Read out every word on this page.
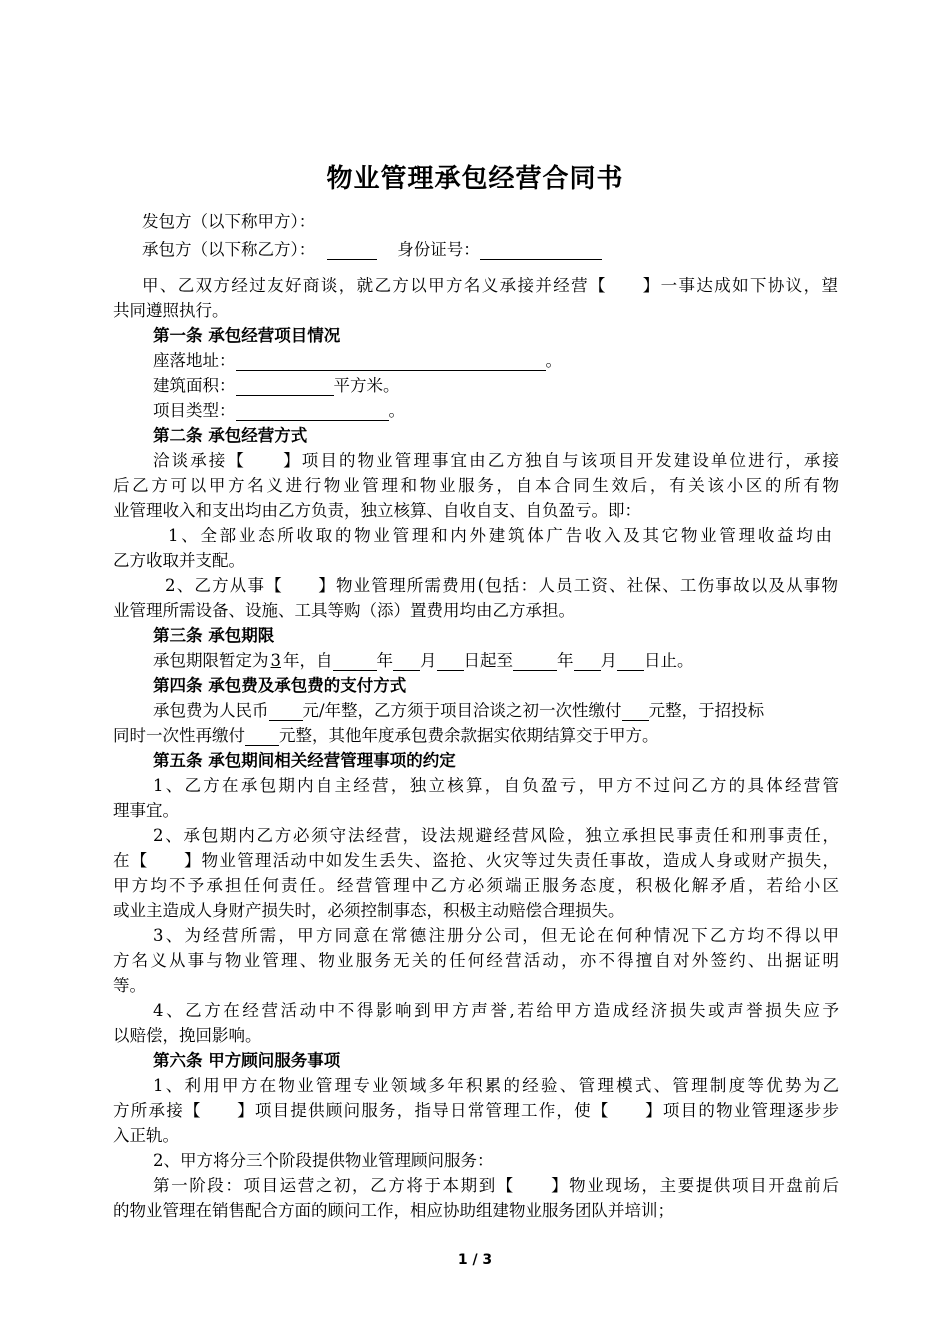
物业管理承包经营合同书
发包方（以下称甲方）：
承包方（以下称乙方）：	身份证号：
甲、乙双方经过友好商谈，就乙方以甲方名义承接并经营【　　】一事达成如下协议，望
共同遵照执行。
第一条 承包经营项目情况
座落地址：	。
建筑面积：	平方米。
项目类型：	。
第二条 承包经营方式
洽谈承接【　　】项目的物业管理事宜由乙方独自与该项目开发建设单位进行，承接
后乙方可以甲方名义进行物业管理和物业服务，自本合同生效后，有关该小区的所有物
业管理收入和支出均由乙方负责，独立核算、自收自支、自负盈亏。即：
1、全部业态所收取的物业管理和内外建筑体广告收入及其它物业管理收益均由
乙方收取并支配。
2、乙方从事【　　】物业管理所需费用(包括：人员工资、社保、工伤事故以及从事物
业管理所需设备、设施、工具等购（添）置费用均由乙方承担。
第三条 承包期限
承包期限暂定为 3 年，自	年 月 日起至	年 月 日止。
第四条 承包费及承包费的支付方式
承包费为人民币 元/年整，乙方须于项目洽谈之初一次性缴付 元整，于招投标
同时一次性再缴付 元整，其他年度承包费余款据实依期结算交于甲方。
第五条 承包期间相关经营管理事项的约定
1、乙方在承包期内自主经营，独立核算，自负盈亏，甲方不过问乙方的具体经营管
理事宜。
2、承包期内乙方必须守法经营，设法规避经营风险，独立承担民事责任和刑事责任，
在【　　】物业管理活动中如发生丢失、盗抢、火灾等过失责任事故，造成人身或财产损失，
甲方均不予承担任何责任。经营管理中乙方必须端正服务态度，积极化解矛盾，若给小区
或业主造成人身财产损失时，必须控制事态，积极主动赔偿合理损失。
3、为经营所需，甲方同意在常德注册分公司，但无论在何种情况下乙方均不得以甲
方名义从事与物业管理、物业服务无关的任何经营活动，亦不得擅自对外签约、出据证明
等。
4、乙方在经营活动中不得影响到甲方声誉,若给甲方造成经济损失或声誉损失应予
以赔偿，挽回影响。
第六条 甲方顾问服务事项
1、利用甲方在物业管理专业领域多年积累的经验、管理模式、管理制度等优势为乙
方所承接【　　】项目提供顾问服务，指导日常管理工作，使【　　】项目的物业管理逐步步
入正轨。
2、甲方将分三个阶段提供物业管理顾问服务：
第一阶段：项目运营之初，乙方将于本期到【　　】物业现场，主要提供项目开盘前后
的物业管理在销售配合方面的顾问工作，相应协助组建物业服务团队并培训；
1 / 3
